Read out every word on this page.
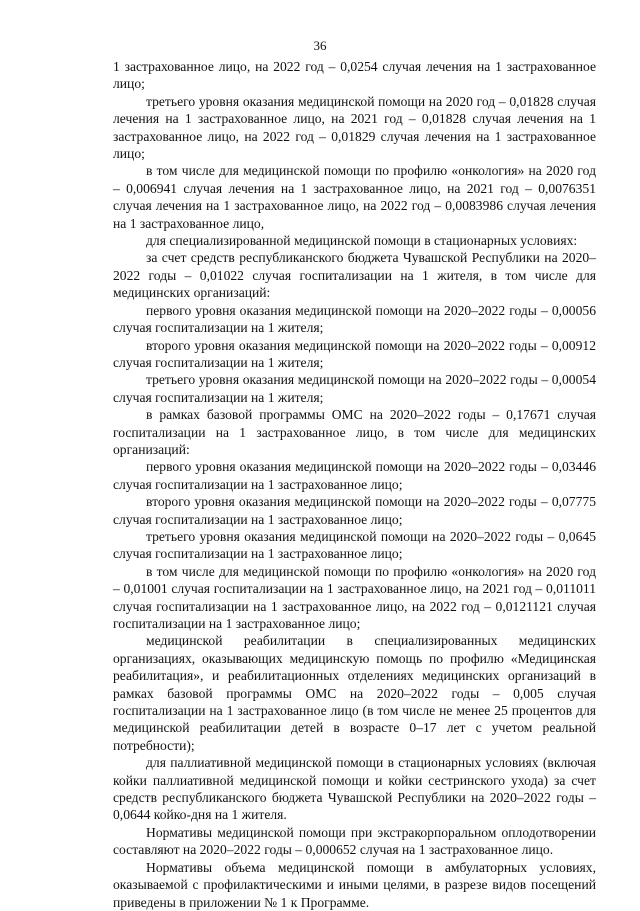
36

1 застрахованное лицо, на 2022 год – 0,0254 случая лечения на 1 застрахованное лицо;

третьего уровня оказания медицинской помощи на 2020 год – 0,01828 случая лечения на 1 застрахованное лицо, на 2021 год – 0,01828 случая лечения на 1 застрахованное лицо, на 2022 год – 0,01829 случая лечения на 1 застрахованное лицо;

в том числе для медицинской помощи по профилю «онкология» на 2020 год – 0,006941 случая лечения на 1 застрахованное лицо, на 2021 год – 0,0076351 случая лечения на 1 застрахованное лицо, на 2022 год – 0,0083986 случая лечения на 1 застрахованное лицо,

для специализированной медицинской помощи в стационарных условиях:

за счет средств республиканского бюджета Чувашской Республики на 2020–2022 годы – 0,01022 случая госпитализации на 1 жителя, в том числе для медицинских организаций:

первого уровня оказания медицинской помощи на 2020–2022 годы – 0,00056 случая госпитализации на 1 жителя;

второго уровня оказания медицинской помощи на 2020–2022 годы – 0,00912 случая госпитализации на 1 жителя;

третьего уровня оказания медицинской помощи на 2020–2022 годы – 0,00054 случая госпитализации на 1 жителя;

в рамках базовой программы ОМС на 2020–2022 годы – 0,17671 случая госпитализации на 1 застрахованное лицо, в том числе для медицинских организаций:

первого уровня оказания медицинской помощи на 2020–2022 годы – 0,03446 случая госпитализации на 1 застрахованное лицо;

второго уровня оказания медицинской помощи на 2020–2022 годы – 0,07775 случая госпитализации на 1 застрахованное лицо;

третьего уровня оказания медицинской помощи на 2020–2022 годы – 0,0645 случая госпитализации на 1 застрахованное лицо;

в том числе для медицинской помощи по профилю «онкология» на 2020 год – 0,01001 случая госпитализации на 1 застрахованное лицо, на 2021 год – 0,011011 случая госпитализации на 1 застрахованное лицо, на 2022 год – 0,0121121 случая госпитализации на 1 застрахованное лицо;

медицинской реабилитации в специализированных медицинских организациях, оказывающих медицинскую помощь по профилю «Медицинская реабилитация», и реабилитационных отделениях медицинских организаций в рамках базовой программы ОМС на 2020–2022 годы – 0,005 случая госпитализации на 1 застрахованное лицо (в том числе не менее 25 процентов для медицинской реабилитации детей в возрасте 0–17 лет с учетом реальной потребности);

для паллиативной медицинской помощи в стационарных условиях (включая койки паллиативной медицинской помощи и койки сестринского ухода) за счет средств республиканского бюджета Чувашской Республики на 2020–2022 годы – 0,0644 койко-дня на 1 жителя.

Нормативы медицинской помощи при экстракорпоральном оплодотворении составляют на 2020–2022 годы – 0,000652 случая на 1 застрахованное лицо.

Нормативы объема медицинской помощи в амбулаторных условиях, оказываемой с профилактическими и иными целями, в разрезе видов посещений приведены в приложении № 1 к Программе.
